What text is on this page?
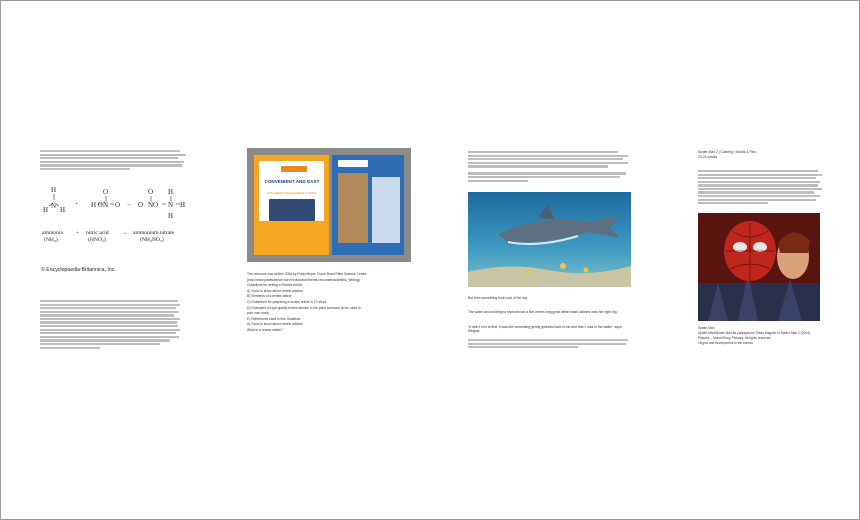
H
N
H H
O
N
H O O
O
N
O O
H
N H
H
+	→
ammonia
(NH₃)
+ nitric acid
(HNO₃)
→ ammonium nitrate
(NH₄NO₃)
© Encyclopaedia Britannica, Inc.
CONVENIENT AND EASY
DOCUMENT MANAGEMENT SYSTEM
The resource was written 2008 by Philip Meyer, Dutch Reed Plant Science Centre
(http://www.plantscience.wur.nl/education/theme-resources/scientific_Writing)
Guidelines for writing a Review Article
A) Good to know about review articles
B) Elements of a review article
C) Guidelines for preparing a review article in 10 steps
D) Examples of high quality review articles in the plant sciences (to be used in
your own work)
E) References used in this Guideline
A) Good to know about review articles
What is a review article?
But then something took hold of her leg.
The water around Megha exploded as a five-metre-long great white shark latched onto her right leg.
"It didn't hurt at first, it was like something gently grabbed hold of me and then I was in the water," says Meghal.
Spider-Man 2 | Coloring | Similar & Film
23-24 minute
Spider-Man
Spider-Man/Spider-Man as portrayed by Tobey Maguire in Spider-Man 2 (2004)
Pictures – Marvel/Sony Pictures. All rights reserved.
Origins and development in the comics
